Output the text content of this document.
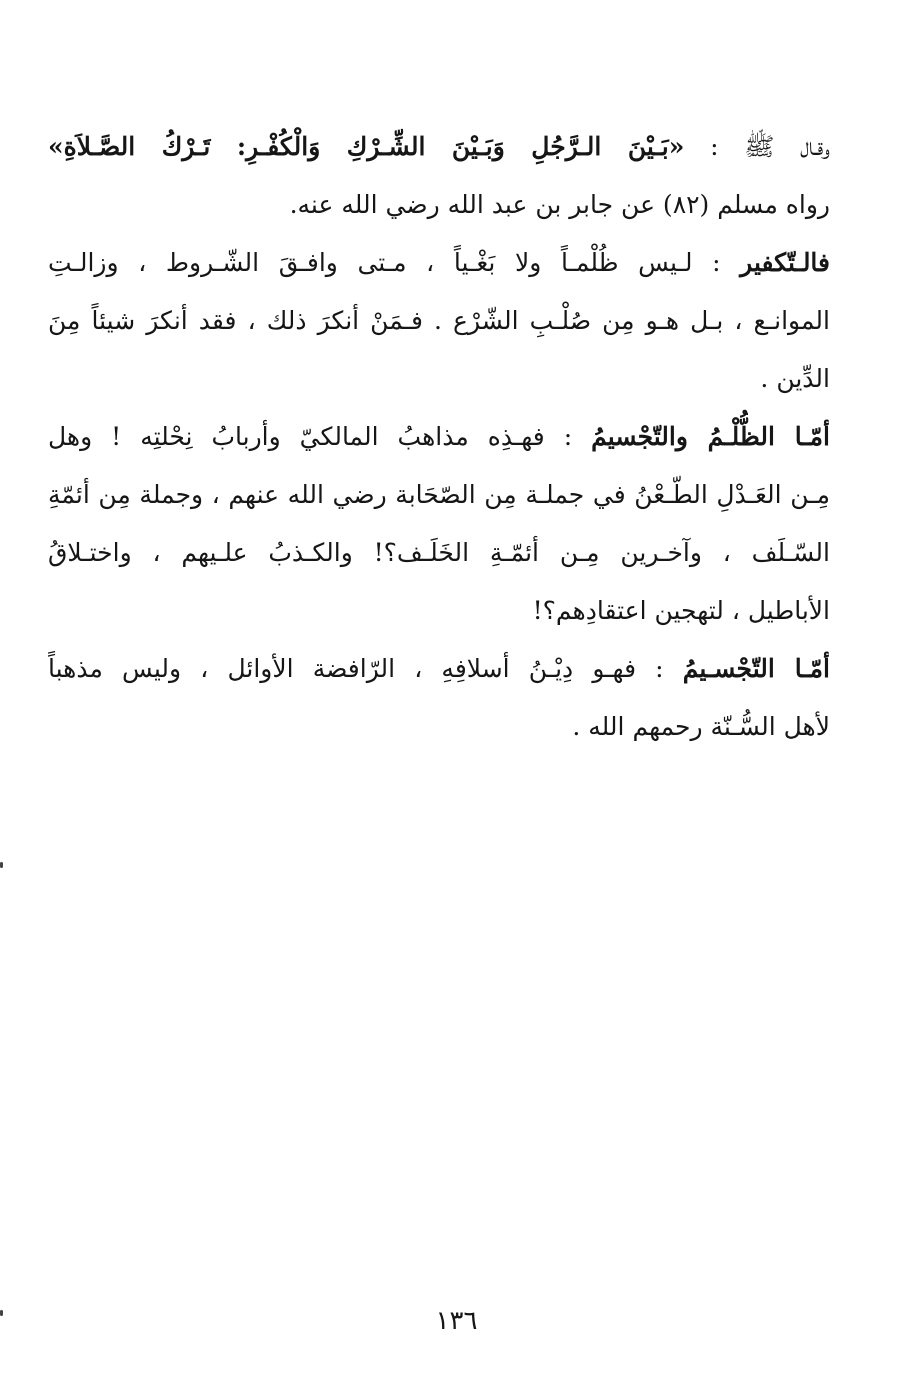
وقـال ﷺ : «بَـيْنَ الـرَّجُلِ وَبَـيْنَ الشِّـرْكِ وَالْكُفْـرِ: تَـرْكُ الصَّـلاَةِ»
رواه مسلم (٨٢) عن جابر بن عبد الله رضي الله عنه.
فالـتّكفير : لـيس ظُلْمـاً ولا بَغْـياً ، مـتى وافـقَ الشّـروط ، وزالـتِ
الموانـع ، بـل هـو مِن صُلْـبِ الشّرْع . فـمَنْ أنكرَ ذلك ، فقد أنكرَ شيئاً مِنَ
الدِّين .
أمّـا الظُّلْـمُ والتّجْسيمُ : فهـذِه مذاهبُ المالكيّ وأربابُ نِحْلتِه ! وهل
مِـن العَـدْلِ الطّـعْنُ في جملـة مِن الصّحَابة رضي الله عنهم ، وجملة مِن أئمّةِ
السّـلَف ، وآخـرين مِـن أئمّـةِ الخَلَـف؟! والكـذبُ علـيهم ، واختـلاقُ
الأباطيل ، لتهجين اعتقادِهم؟!
أمّـا التّجْسـيمُ : فهـو دِيْـنُ أسلافِهِ ، الرّافضة الأوائل ، وليس مذهباً
لأهل السُّـنّة رحمهم الله .
١٣٦
